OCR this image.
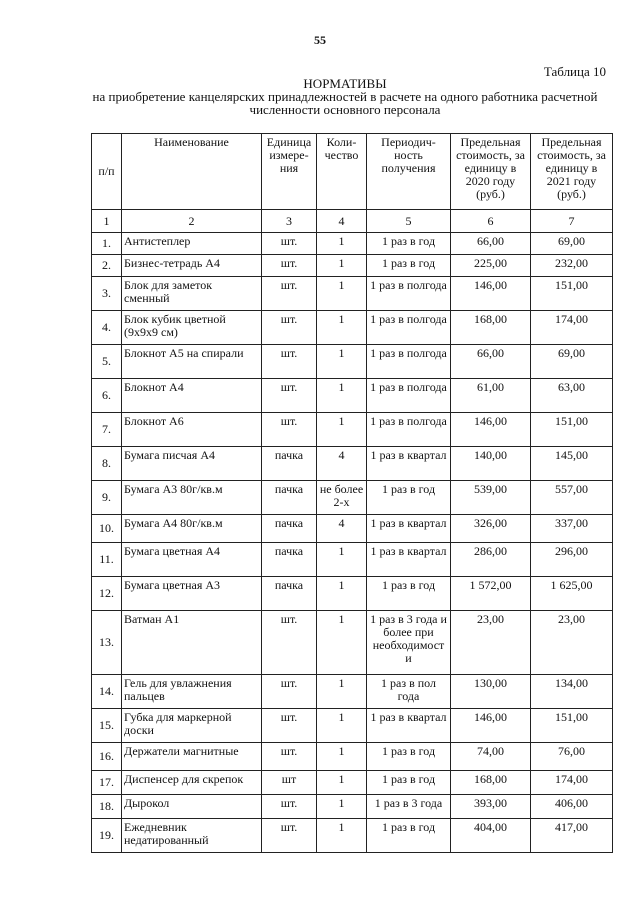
55
Таблица 10
НОРМАТИВЫ
на приобретение канцелярских принадлежностей в расчете на одного работника расчетной
численности основного персонала
п/п	Наименование	Единица измере-ния	Коли-чество	Периодич-ность получения	Предельная стоимость, за единицу в 2020 году (руб.)	Предельная стоимость, за единицу в 2021 году (руб.)
1	2	3	4	5	6	7
1.	Антистеплер	шт.	1	1 раз в год	66,00	69,00
2.	Бизнес-тетрадь А4	шт.	1	1 раз в год	225,00	232,00
3.	Блок для заметок сменный	шт.	1	1 раз в полгода	146,00	151,00
4.	Блок кубик цветной (9х9х9 см)	шт.	1	1 раз в полгода	168,00	174,00
5.	Блокнот А5 на спирали	шт.	1	1 раз в полгода	66,00	69,00
6.	Блокнот А4	шт.	1	1 раз в полгода	61,00	63,00
7.	Блокнот А6	шт.	1	1 раз в полгода	146,00	151,00
8.	Бумага писчая А4	пачка	4	1 раз в квартал	140,00	145,00
9.	Бумага А3 80г/кв.м	пачка	не более 2-х	1 раз в год	539,00	557,00
10.	Бумага А4 80г/кв.м	пачка	4	1 раз в квартал	326,00	337,00
11.	Бумага цветная А4	пачка	1	1 раз в квартал	286,00	296,00
12.	Бумага цветная А3	пачка	1	1 раз в год	1 572,00	1 625,00
13.	Ватман А1	шт.	1	1 раз в 3 года и более при необходимост и	23,00	23,00
14.	Гель для увлажнения пальцев	шт.	1	1 раз в пол года	130,00	134,00
15.	Губка для маркерной доски	шт.	1	1 раз в квартал	146,00	151,00
16.	Держатели магнитные	шт.	1	1 раз в год	74,00	76,00
17.	Диспенсер для скрепок	шт	1	1 раз в год	168,00	174,00
18.	Дырокол	шт.	1	1 раз в 3 года	393,00	406,00
19.	Ежедневник недатированный	шт.	1	1 раз в год	404,00	417,00
